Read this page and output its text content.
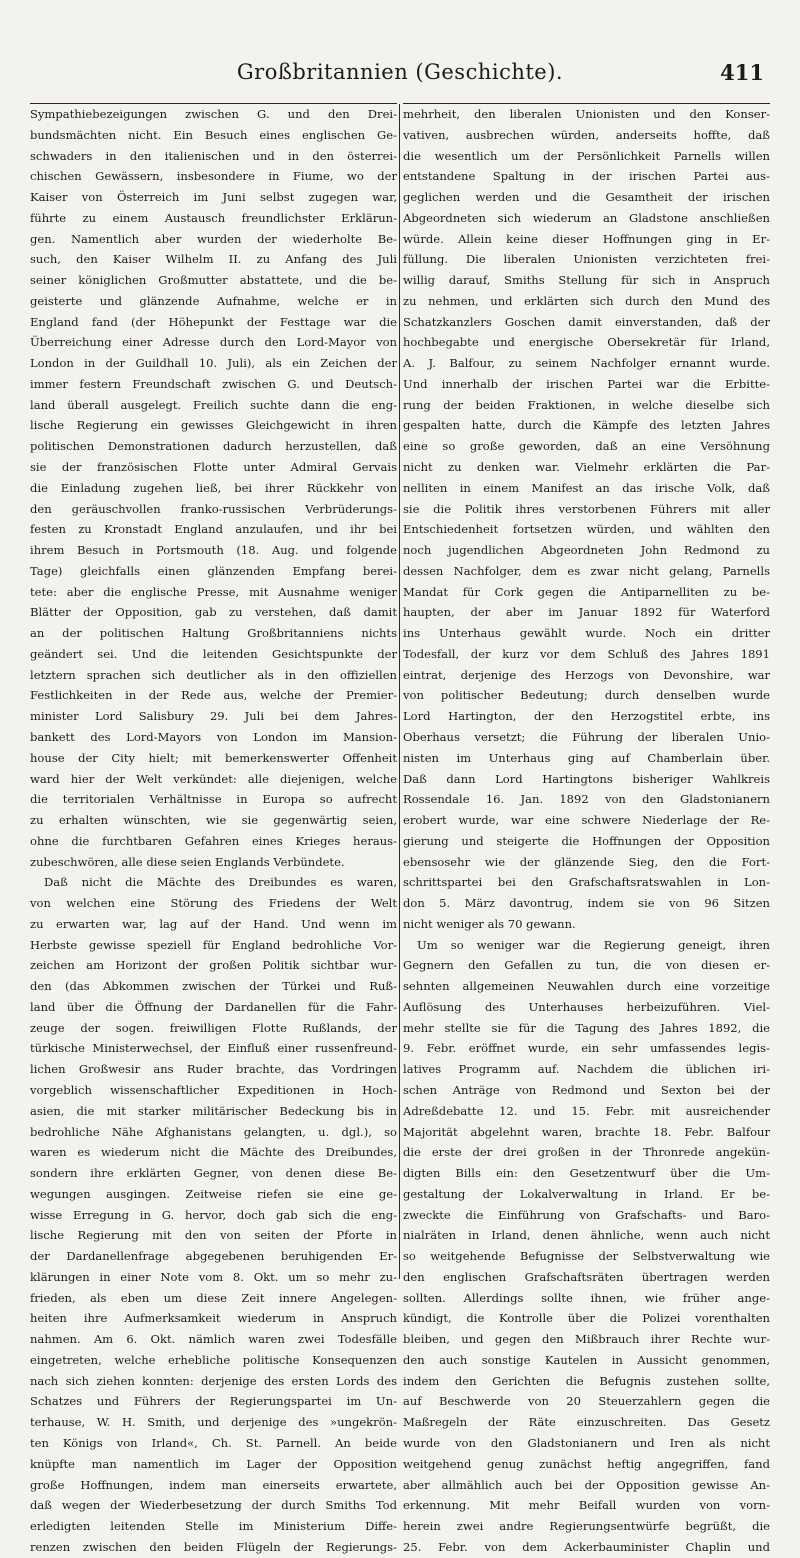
Großbritannien (Geschichte).	411
Sympathiebezeigungen zwischen G. und den Drei-
bundsmächten nicht. Ein Besuch eines englischen Ge-
schwaders in den italienischen und in den österrei-
chischen Gewässern, insbesondere in Fiume, wo der
Kaiser von Österreich im Juni selbst zugegen war,
führte zu einem Austausch freundlichster Erklärun-
gen. Namentlich aber wurden der wiederholte Be-
such, den Kaiser Wilhelm II. zu Anfang des Juli
seiner königlichen Großmutter abstattete, und die be-
geisterte und glänzende Aufnahme, welche er in
England fand (der Höhepunkt der Festtage war die
Überreichung einer Adresse durch den Lord-Mayor von
London in der Guildhall 10. Juli), als ein Zeichen der
immer festern Freundschaft zwischen G. und Deutsch-
land überall ausgelegt. Freilich suchte dann die eng-
lische Regierung ein gewisses Gleichgewicht in ihren
politischen Demonstrationen dadurch herzustellen, daß
sie der französischen Flotte unter Admiral Gervais
die Einladung zugehen ließ, bei ihrer Rückkehr von
den geräuschvollen franko-russischen Verbrüderungs-
festen zu Kronstadt England anzulaufen, und ihr bei
ihrem Besuch in Portsmouth (18. Aug. und folgende
Tage) gleichfalls einen glänzenden Empfang berei-
tete: aber die englische Presse, mit Ausnahme weniger
Blätter der Opposition, gab zu verstehen, daß damit
an der politischen Haltung Großbritanniens nichts
geändert sei. Und die leitenden Gesichtspunkte der
letztern sprachen sich deutlicher als in den offiziellen
Festlichkeiten in der Rede aus, welche der Premier-
minister Lord Salisbury 29. Juli bei dem Jahres-
bankett des Lord-Mayors von London im Mansion-
house der City hielt; mit bemerkenswerter Offenheit
ward hier der Welt verkündet: alle diejenigen, welche
die territorialen Verhältnisse in Europa so aufrecht
zu erhalten wünschten, wie sie gegenwärtig seien,
ohne die furchtbaren Gefahren eines Krieges heraus-
zubeschwören, alle diese seien Englands Verbündete.
Daß nicht die Mächte des Dreibundes es waren,
von welchen eine Störung des Friedens der Welt
zu erwarten war, lag auf der Hand. Und wenn im
Herbste gewisse speziell für England bedrohliche Vor-
zeichen am Horizont der großen Politik sichtbar wur-
den (das Abkommen zwischen der Türkei und Ruß-
land über die Öffnung der Dardanellen für die Fahr-
zeuge der sogen. freiwilligen Flotte Rußlands, der
türkische Ministerwechsel, der Einfluß einer russenfreund-
lichen Großwesir ans Ruder brachte, das Vordringen
vorgeblich wissenschaftlicher Expeditionen in Hoch-
asien, die mit starker militärischer Bedeckung bis in
bedrohliche Nähe Afghanistans gelangten, u. dgl.), so
waren es wiederum nicht die Mächte des Dreibundes,
sondern ihre erklärten Gegner, von denen diese Be-
wegungen ausgingen. Zeitweise riefen sie eine ge-
wisse Erregung in G. hervor, doch gab sich die eng-
lische Regierung mit den von seiten der Pforte in
der Dardanellenfrage abgegebenen beruhigenden Er-
klärungen in einer Note vom 8. Okt. um so mehr zu-
frieden, als eben um diese Zeit innere Angelegen-
heiten ihre Aufmerksamkeit wiederum in Anspruch
nahmen. Am 6. Okt. nämlich waren zwei Todesfälle
eingetreten, welche erhebliche politische Konsequenzen
nach sich ziehen konnten: derjenige des ersten Lords des
Schatzes und Führers der Regierungspartei im Un-
terhause, W. H. Smith, und derjenige des »ungekrön-
ten Königs von Irland«, Ch. St. Parnell. An beide
knüpfte man namentlich im Lager der Opposition
große Hoffnungen, indem man einerseits erwartete,
daß wegen der Wiederbesetzung der durch Smiths Tod
erledigten leitenden Stelle im Ministerium Diffe-
renzen zwischen den beiden Flügeln der Regierungs-
mehrheit, den liberalen Unionisten und den Konser-
vativen, ausbrechen würden, anderseits hoffte, daß
die wesentlich um der Persönlichkeit Parnells willen
entstandene Spaltung in der irischen Partei aus-
geglichen werden und die Gesamtheit der irischen
Abgeordneten sich wiederum an Gladstone anschließen
würde. Allein keine dieser Hoffnungen ging in Er-
füllung. Die liberalen Unionisten verzichteten frei-
willig darauf, Smiths Stellung für sich in Anspruch
zu nehmen, und erklärten sich durch den Mund des
Schatzkanzlers Goschen damit einverstanden, daß der
hochbegabte und energische Obersekretär für Irland,
A. J. Balfour, zu seinem Nachfolger ernannt wurde.
Und innerhalb der irischen Partei war die Erbitte-
rung der beiden Fraktionen, in welche dieselbe sich
gespalten hatte, durch die Kämpfe des letzten Jahres
eine so große geworden, daß an eine Versöhnung
nicht zu denken war. Vielmehr erklärten die Par-
nelliten in einem Manifest an das irische Volk, daß
sie die Politik ihres verstorbenen Führers mit aller
Entschiedenheit fortsetzen würden, und wählten den
noch jugendlichen Abgeordneten John Redmond zu
dessen Nachfolger, dem es zwar nicht gelang, Parnells
Mandat für Cork gegen die Antiparnelliten zu be-
haupten, der aber im Januar 1892 für Waterford
ins Unterhaus gewählt wurde. Noch ein dritter
Todesfall, der kurz vor dem Schluß des Jahres 1891
eintrat, derjenige des Herzogs von Devonshire, war
von politischer Bedeutung; durch denselben wurde
Lord Hartington, der den Herzogstitel erbte, ins
Oberhaus versetzt; die Führung der liberalen Unio-
nisten im Unterhaus ging auf Chamberlain über.
Daß dann Lord Hartingtons bisheriger Wahlkreis
Rossendale 16. Jan. 1892 von den Gladstonianern
erobert wurde, war eine schwere Niederlage der Re-
gierung und steigerte die Hoffnungen der Opposition
ebensosehr wie der glänzende Sieg, den die Fort-
schrittspartei bei den Grafschaftsratswahlen in Lon-
don 5. März davontrug, indem sie von 96 Sitzen
nicht weniger als 70 gewann.
Um so weniger war die Regierung geneigt, ihren
Gegnern den Gefallen zu tun, die von diesen er-
sehnten allgemeinen Neuwahlen durch eine vorzeitige
Auflösung des Unterhauses herbeizuführen. Viel-
mehr stellte sie für die Tagung des Jahres 1892, die
9. Febr. eröffnet wurde, ein sehr umfassendes legis-
latives Programm auf. Nachdem die üblichen iri-
schen Anträge von Redmond und Sexton bei der
Adreßdebatte 12. und 15. Febr. mit ausreichender
Majorität abgelehnt waren, brachte 18. Febr. Balfour
die erste der drei großen in der Thronrede angekün-
digten Bills ein: den Gesetzentwurf über die Um-
gestaltung der Lokalverwaltung in Irland. Er be-
zweckte die Einführung von Grafschafts- und Baro-
nialräten in Irland, denen ähnliche, wenn auch nicht
so weitgehende Befugnisse der Selbstverwaltung wie
den englischen Grafschaftsräten übertragen werden
sollten. Allerdings sollte ihnen, wie früher ange-
kündigt, die Kontrolle über die Polizei vorenthalten
bleiben, und gegen den Mißbrauch ihrer Rechte wur-
den auch sonstige Kautelen in Aussicht genommen,
indem den Gerichten die Befugnis zustehen sollte,
auf Beschwerde von 20 Steuerzahlern gegen die
Maßregeln der Räte einzuschreiten. Das Gesetz
wurde von den Gladstonianern und Iren als nicht
weitgehend genug zunächst heftig angegriffen, fand
aber allmählich auch bei der Opposition gewisse An-
erkennung. Mit mehr Beifall wurden von vorn-
herein zwei andre Regierungsentwürfe begrüßt, die
25. Febr. von dem Ackerbauminister Chaplin und
